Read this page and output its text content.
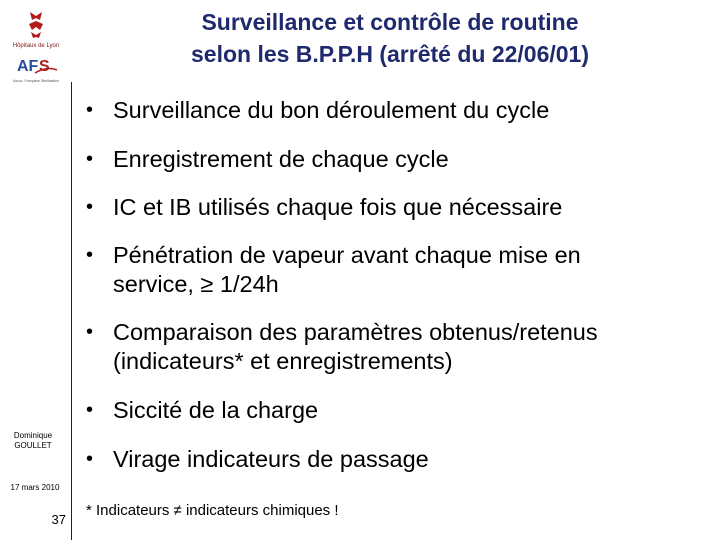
Hôpitaux de Lyon
AF S
Assoc. Française Stérilisation
Surveillance et contrôle de routine
selon les B.P.P.H (arrêté du 22/06/01)
• Surveillance du bon déroulement du cycle
• Enregistrement de chaque cycle
• IC et IB utilisés chaque fois que nécessaire
• Pénétration de vapeur avant chaque mise en
service, ≥ 1/24h
• Comparaison des paramètres obtenus/retenus
(indicateurs* et enregistrements)
• Siccité de la charge
• Virage indicateurs de passage
Dominique
GOULLET
17 mars 2010
37
* Indicateurs ≠ indicateurs chimiques !
